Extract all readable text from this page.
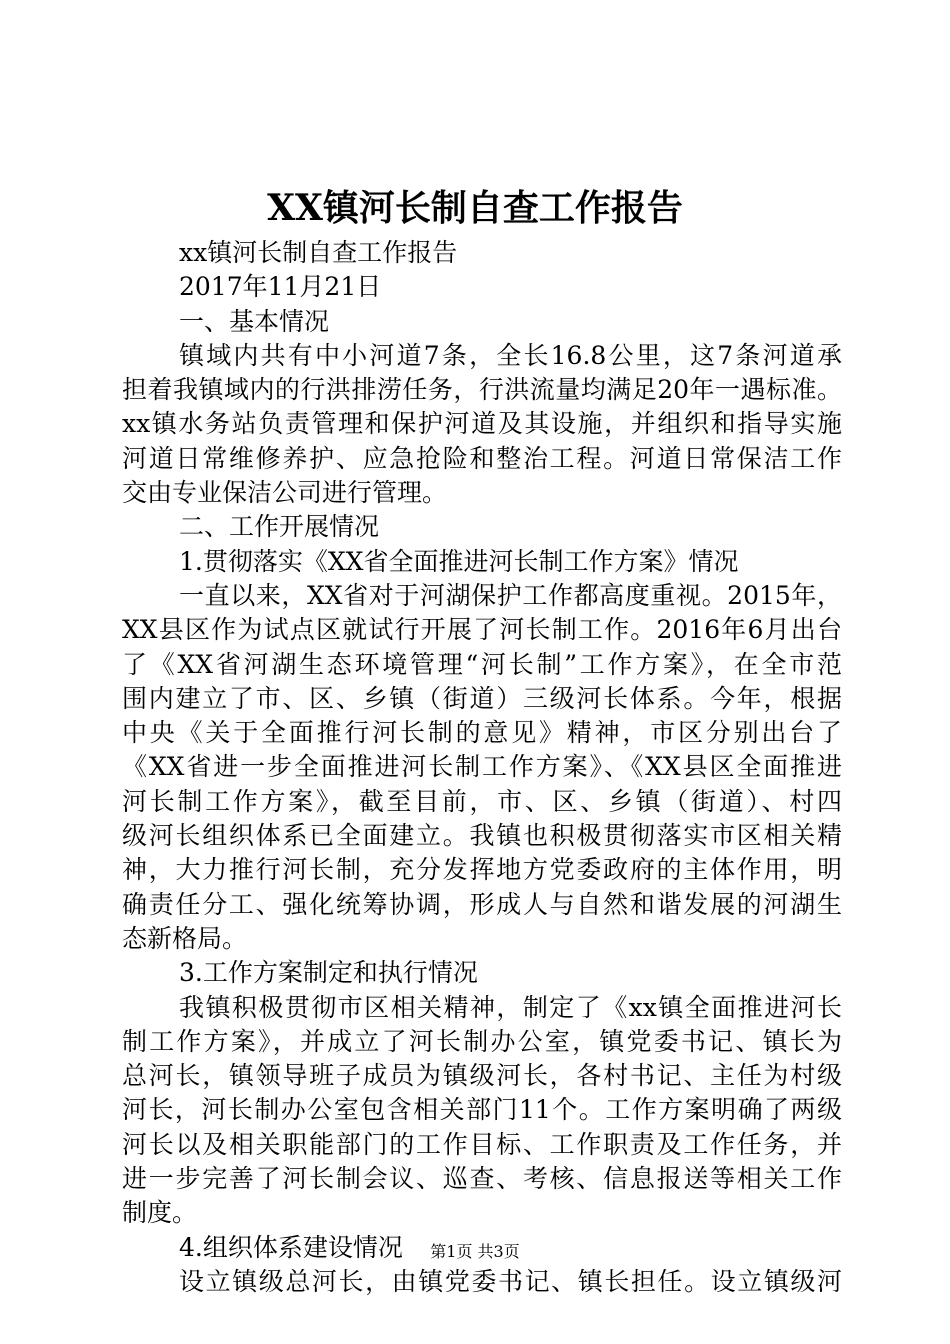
XX镇河长制自查工作报告
xx镇河长制自查工作报告
2017年11月21日
一、基本情况
镇域内共有中小河道7条，全长16.8公里，这7条河道承
担着我镇域内的行洪排涝任务，行洪流量均满足20年一遇标准。
xx镇水务站负责管理和保护河道及其设施，并组织和指导实施
河道日常维修养护、应急抢险和整治工程。河道日常保洁工作
交由专业保洁公司进行管理。
二、工作开展情况
1.贯彻落实《XX省全面推进河长制工作方案》情况
一直以来，XX省对于河湖保护工作都高度重视。2015年，
XX县区作为试点区就试行开展了河长制工作。2016年6月出台
了《XX省河湖生态环境管理“河长制”工作方案》，在全市范
围内建立了市、区、乡镇（街道）三级河长体系。今年，根据
中央《关于全面推行河长制的意见》精神，市区分别出台了
《XX省进一步全面推进河长制工作方案》、《XX县区全面推进
河长制工作方案》，截至目前，市、区、乡镇（街道）、村四
级河长组织体系已全面建立。我镇也积极贯彻落实市区相关精
神，大力推行河长制，充分发挥地方党委政府的主体作用，明
确责任分工、强化统筹协调，形成人与自然和谐发展的河湖生
态新格局。
3.工作方案制定和执行情况
我镇积极贯彻市区相关精神，制定了《xx镇全面推进河长
制工作方案》，并成立了河长制办公室，镇党委书记、镇长为
总河长，镇领导班子成员为镇级河长，各村书记、主任为村级
河长，河长制办公室包含相关部门11个。工作方案明确了两级
河长以及相关职能部门的工作目标、工作职责及工作任务，并
进一步完善了河长制会议、巡查、考核、信息报送等相关工作
制度。
4.组织体系建设情况
设立镇级总河长，由镇党委书记、镇长担任。设立镇级河
第1页 共3页
